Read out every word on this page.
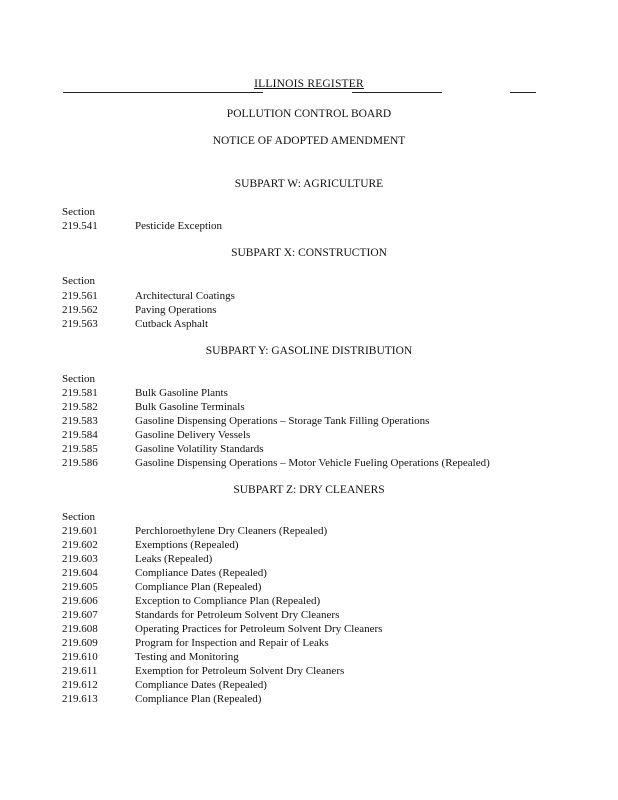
ILLINOIS REGISTER
POLLUTION CONTROL BOARD
NOTICE OF ADOPTED AMENDMENT
SUBPART W: AGRICULTURE
Section
219.541	Pesticide Exception
SUBPART X: CONSTRUCTION
Section
219.561	Architectural Coatings
219.562	Paving Operations
219.563	Cutback Asphalt
SUBPART Y: GASOLINE DISTRIBUTION
Section
219.581	Bulk Gasoline Plants
219.582	Bulk Gasoline Terminals
219.583	Gasoline Dispensing Operations – Storage Tank Filling Operations
219.584	Gasoline Delivery Vessels
219.585	Gasoline Volatility Standards
219.586	Gasoline Dispensing Operations – Motor Vehicle Fueling Operations (Repealed)
SUBPART Z: DRY CLEANERS
Section
219.601	Perchloroethylene Dry Cleaners (Repealed)
219.602	Exemptions (Repealed)
219.603	Leaks (Repealed)
219.604	Compliance Dates (Repealed)
219.605	Compliance Plan (Repealed)
219.606	Exception to Compliance Plan (Repealed)
219.607	Standards for Petroleum Solvent Dry Cleaners
219.608	Operating Practices for Petroleum Solvent Dry Cleaners
219.609	Program for Inspection and Repair of Leaks
219.610	Testing and Monitoring
219.611	Exemption for Petroleum Solvent Dry Cleaners
219.612	Compliance Dates (Repealed)
219.613	Compliance Plan (Repealed)
